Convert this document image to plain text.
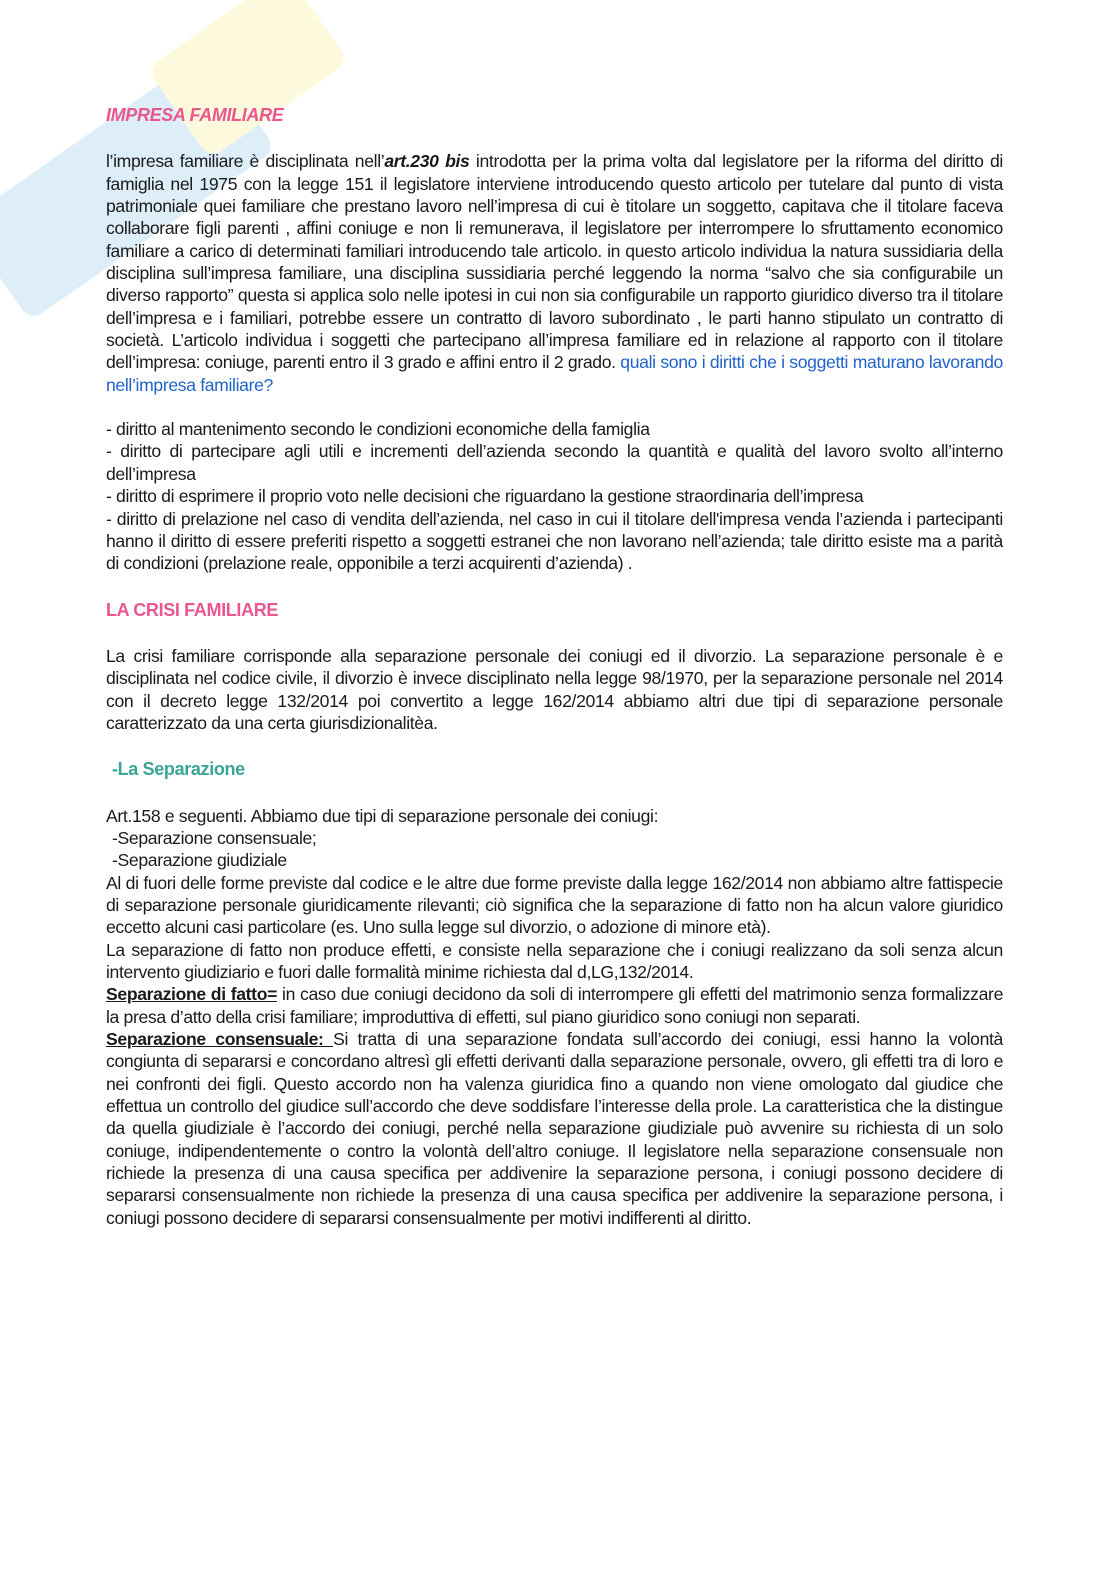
IMPRESA FAMILIARE

l’impresa familiare è disciplinata nell’art.230 bis introdotta per la prima volta dal legislatore per la riforma del diritto di famiglia nel 1975 con la legge 151 il legislatore interviene introducendo questo articolo per tutelare dal punto di vista patrimoniale quei familiare che prestano lavoro nell’impresa di cui è titolare un soggetto, capitava che il titolare faceva collaborare figli parenti , affini coniuge e non li remunerava, il legislatore per interrompere lo sfruttamento economico familiare a carico di determinati familiari introducendo tale articolo. in questo articolo individua la natura sussidiaria della disciplina sull’impresa familiare, una disciplina sussidiaria perché leggendo la norma “salvo che sia configurabile un diverso rapporto” questa si applica solo nelle ipotesi in cui non sia configurabile un rapporto giuridico diverso tra il titolare dell’impresa e i familiari, potrebbe essere un contratto di lavoro subordinato , le parti hanno stipulato un contratto di società. L’articolo individua i soggetti che partecipano all’impresa familiare ed in relazione al rapporto con il titolare dell’impresa: coniuge, parenti entro il 3 grado e affini entro il 2 grado. quali sono i diritti che i soggetti maturano lavorando nell’impresa familiare?

- diritto al mantenimento secondo le condizioni economiche della famiglia

- diritto di partecipare agli utili e incrementi dell’azienda secondo la quantità e qualità del lavoro svolto all’interno dell’impresa

- diritto di esprimere il proprio voto nelle decisioni che riguardano la gestione straordinaria dell’impresa

- diritto di prelazione nel caso di vendita dell’azienda, nel caso in cui il titolare dell'impresa venda l’azienda i partecipanti hanno il diritto di essere preferiti rispetto a soggetti estranei che non lavorano nell’azienda; tale diritto esiste ma a parità di condizioni (prelazione reale, opponibile a terzi acquirenti d’azienda) .

LA CRISI FAMILIARE

La crisi familiare corrisponde alla separazione personale dei coniugi ed il divorzio. La separazione personale è e disciplinata nel codice civile, il divorzio è invece disciplinato nella legge 98/1970, per la separazione personale nel 2014 con il decreto legge 132/2014 poi convertito a legge 162/2014 abbiamo altri due tipi di separazione personale caratterizzato da una certa giurisdizionalitèa.

-La Separazione

Art.158 e seguenti. Abbiamo due tipi di separazione personale dei coniugi:

-Separazione consensuale;

-Separazione giudiziale

Al di fuori delle forme previste dal codice e le altre due forme previste dalla legge 162/2014 non abbiamo altre fattispecie di separazione personale giuridicamente rilevanti; ciò significa che la separazione di fatto non ha alcun valore giuridico eccetto alcuni casi particolare (es. Uno sulla legge sul divorzio, o adozione di minore età).

La separazione di fatto non produce effetti, e consiste nella separazione che i coniugi realizzano da soli senza alcun intervento giudiziario e fuori dalle formalità minime richiesta dal d,LG,132/2014.

Separazione di fatto= in caso due coniugi decidono da soli di interrompere gli effetti del matrimonio senza formalizzare la presa d’atto della crisi familiare; improduttiva di effetti, sul piano giuridico sono coniugi non separati.

Separazione consensuale: Si tratta di una separazione fondata sull’accordo dei coniugi, essi hanno la volontà congiunta di separarsi e concordano altresì gli effetti derivanti dalla separazione personale, ovvero, gli effetti tra di loro e nei confronti dei figli. Questo accordo non ha valenza giuridica fino a quando non viene omologato dal giudice che effettua un controllo del giudice sull’accordo che deve soddisfare l’interesse della prole. La caratteristica che la distingue da quella giudiziale è l’accordo dei coniugi, perché nella separazione giudiziale può avvenire su richiesta di un solo coniuge, indipendentemente o contro la volontà dell’altro coniuge. Il legislatore nella separazione consensuale non richiede la presenza di una causa specifica per addivenire la separazione persona, i coniugi possono decidere di separarsi consensualmente non richiede la presenza di una causa specifica per addivenire la separazione persona, i coniugi possono decidere di separarsi consensualmente per motivi indifferenti al diritto.
